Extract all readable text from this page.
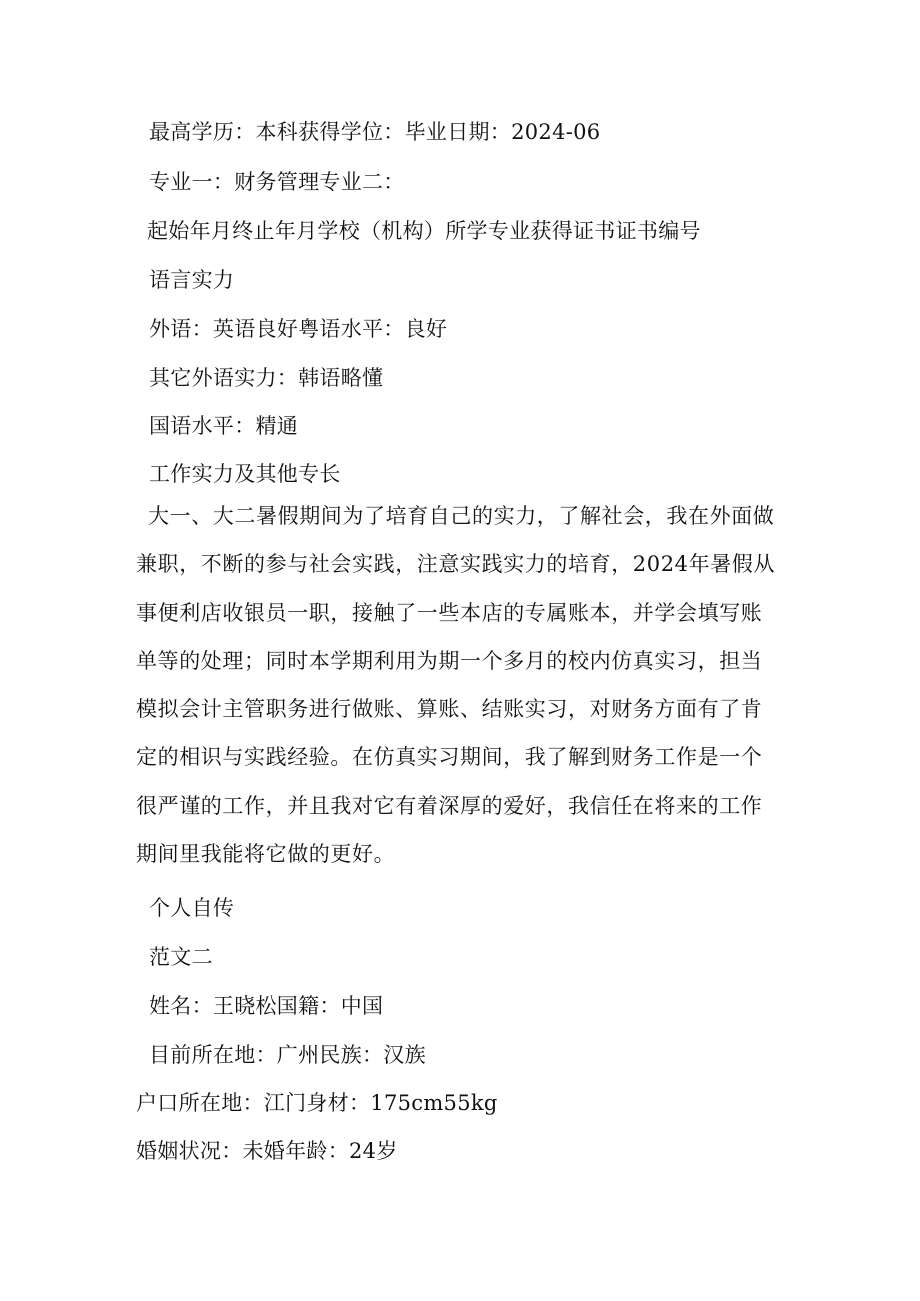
最高学历：本科获得学位：毕业日期：2024-06
专业一：财务管理专业二：
起始年月终止年月学校（机构）所学专业获得证书证书编号
语言实力
外语：英语良好粤语水平：良好
其它外语实力：韩语略懂
国语水平：精通
工作实力及其他专长
大一、大二暑假期间为了培育自己的实力，了解社会，我在外面做
兼职，不断的参与社会实践，注意实践实力的培育，2024年暑假从
事便利店收银员一职，接触了一些本店的专属账本，并学会填写账
单等的处理；同时本学期利用为期一个多月的校内仿真实习，担当
模拟会计主管职务进行做账、算账、结账实习，对财务方面有了肯
定的相识与实践经验。在仿真实习期间，我了解到财务工作是一个
很严谨的工作，并且我对它有着深厚的爱好，我信任在将来的工作
期间里我能将它做的更好。
个人自传
范文二
姓名：王晓松国籍：中国
目前所在地：广州民族：汉族
户口所在地：江门身材：175cm55kg
婚姻状况：未婚年龄：24岁
